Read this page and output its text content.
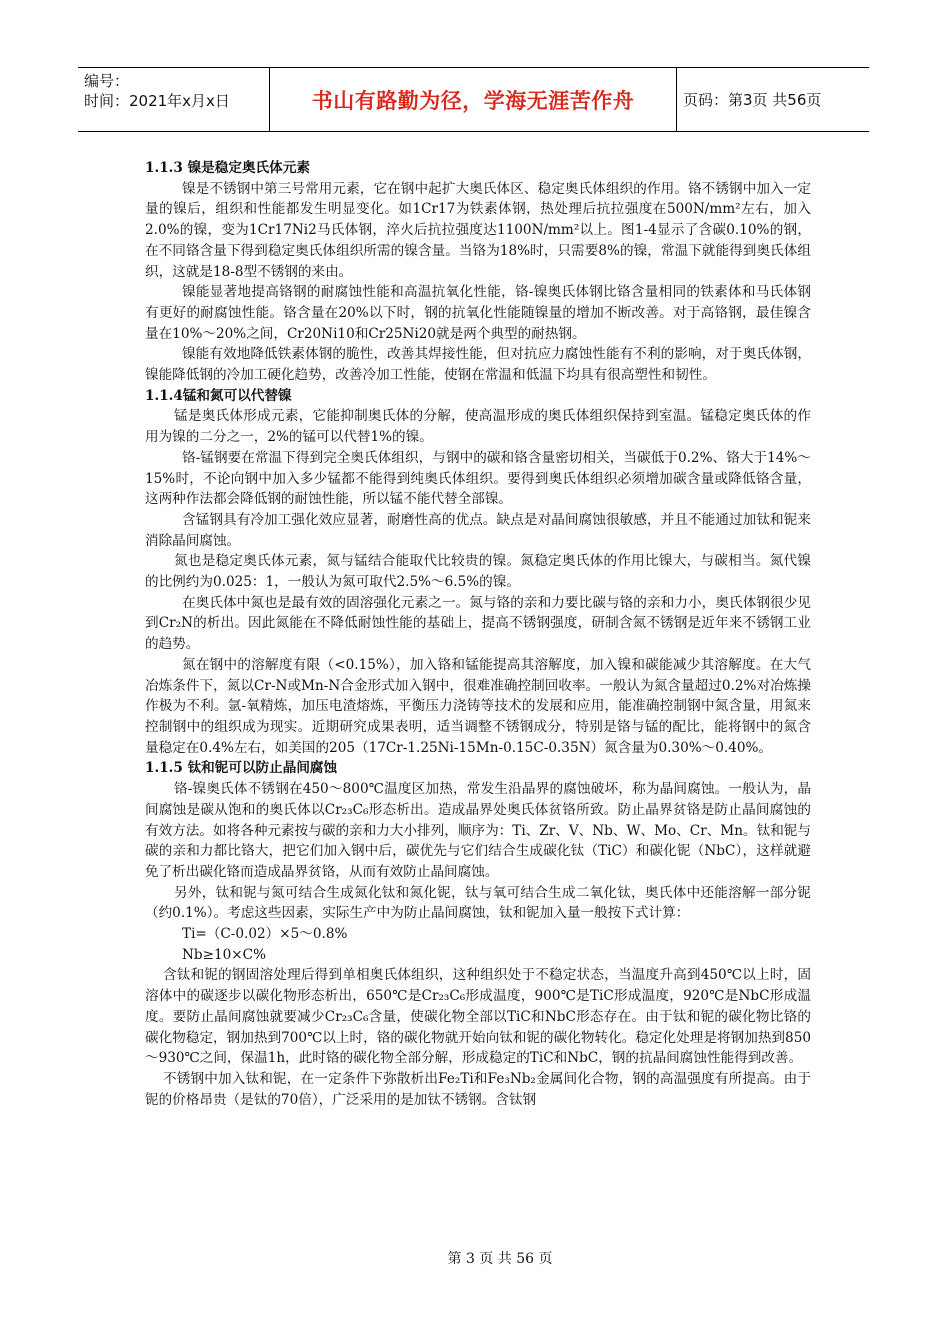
编号：
时间：2021年x月x日	书山有路勤为径，学海无涯苦作舟	页码：第3页 共56页

1.1.3 镍是稳定奥氏体元素

镍是不锈钢中第三号常用元素，它在钢中起扩大奥氏体区、稳定奥氏体组织的作用。铬不锈钢中加入一定量的镍后，组织和性能都发生明显变化。如1Cr17为铁素体钢，热处理后抗拉强度在500N/mm²左右，加入2.0%的镍，变为1Cr17Ni2马氏体钢，淬火后抗拉强度达1100N/mm²以上。图1-4显示了含碳0.10%的钢，在不同铬含量下得到稳定奥氏体组织所需的镍含量。当铬为18%时，只需要8%的镍，常温下就能得到奥氏体组织，这就是18-8型不锈钢的来由。

镍能显著地提高铬钢的耐腐蚀性能和高温抗氧化性能，铬-镍奥氏体钢比铬含量相同的铁素体和马氏体钢有更好的耐腐蚀性能。铬含量在20%以下时，钢的抗氧化性能随镍量的增加不断改善。对于高铬钢，最佳镍含量在10%～20%之间，Cr20Ni10和Cr25Ni20就是两个典型的耐热钢。

镍能有效地降低铁素体钢的脆性，改善其焊接性能，但对抗应力腐蚀性能有不利的影响，对于奥氏体钢，镍能降低钢的冷加工硬化趋势，改善冷加工性能，使钢在常温和低温下均具有很高塑性和韧性。

1.1.4锰和氮可以代替镍

锰是奥氏体形成元素，它能抑制奥氏体的分解，使高温形成的奥氏体组织保持到室温。锰稳定奥氏体的作用为镍的二分之一，2%的锰可以代替1%的镍。

铬-锰钢要在常温下得到完全奥氏体组织，与钢中的碳和铬含量密切相关，当碳低于0.2%、铬大于14%～15%时，不论向钢中加入多少锰都不能得到纯奥氏体组织。要得到奥氏体组织必须增加碳含量或降低铬含量，这两种作法都会降低钢的耐蚀性能，所以锰不能代替全部镍。

含锰钢具有冷加工强化效应显著，耐磨性高的优点。缺点是对晶间腐蚀很敏感，并且不能通过加钛和铌来消除晶间腐蚀。

氮也是稳定奥氏体元素，氮与锰结合能取代比较贵的镍。氮稳定奥氏体的作用比镍大，与碳相当。氮代镍的比例约为0.025：1，一般认为氮可取代2.5%～6.5%的镍。

在奥氏体中氮也是最有效的固溶强化元素之一。氮与铬的亲和力要比碳与铬的亲和力小，奥氏体钢很少见到Cr₂N的析出。因此氮能在不降低耐蚀性能的基础上，提高不锈钢强度，研制含氮不锈钢是近年来不锈钢工业的趋势。

氮在钢中的溶解度有限（<0.15%），加入铬和锰能提高其溶解度，加入镍和碳能减少其溶解度。在大气冶炼条件下，氮以Cr-N或Mn-N合金形式加入钢中，很难准确控制回收率。一般认为氮含量超过0.2%对冶炼操作极为不利。氩-氧精炼，加压电渣熔炼，平衡压力浇铸等技术的发展和应用，能准确控制钢中氮含量，用氮来控制钢中的组织成为现实。近期研究成果表明，适当调整不锈钢成分，特别是铬与锰的配比，能将钢中的氮含量稳定在0.4%左右，如美国的205（17Cr-1.25Ni-15Mn-0.15C-0.35N）氮含量为0.30%～0.40%。

1.1.5 钛和铌可以防止晶间腐蚀

铬-镍奥氏体不锈钢在450～800℃温度区加热，常发生沿晶界的腐蚀破坏，称为晶间腐蚀。一般认为，晶间腐蚀是碳从饱和的奥氏体以Cr₂₃C₆形态析出。造成晶界处奥氏体贫铬所致。防止晶界贫铬是防止晶间腐蚀的有效方法。如将各种元素按与碳的亲和力大小排列，顺序为：Ti、Zr、V、Nb、W、Mo、Cr、Mn。钛和铌与碳的亲和力都比铬大，把它们加入钢中后，碳优先与它们结合生成碳化钛（TiC）和碳化铌（NbC），这样就避免了析出碳化铬而造成晶界贫铬，从而有效防止晶间腐蚀。

另外，钛和铌与氮可结合生成氮化钛和氮化铌，钛与氧可结合生成二氧化钛，奥氏体中还能溶解一部分铌（约0.1%）。考虑这些因素，实际生产中为防止晶间腐蚀，钛和铌加入量一般按下式计算：

Ti=（C-0.02）×5～0.8%

Nb≥10×C%

含钛和铌的钢固溶处理后得到单相奥氏体组织，这种组织处于不稳定状态，当温度升高到450℃以上时，固溶体中的碳逐步以碳化物形态析出，650℃是Cr₂₃C₆形成温度，900℃是TiC形成温度，920℃是NbC形成温度。要防止晶间腐蚀就要减少Cr₂₃C₆含量，使碳化物全部以TiC和NbC形态存在。由于钛和铌的碳化物比铬的碳化物稳定，钢加热到700℃以上时，铬的碳化物就开始向钛和铌的碳化物转化。稳定化处理是将钢加热到850～930℃之间，保温1h，此时铬的碳化物全部分解，形成稳定的TiC和NbC，钢的抗晶间腐蚀性能得到改善。

不锈钢中加入钛和铌，在一定条件下弥散析出Fe₂Ti和Fe₃Nb₂金属间化合物，钢的高温强度有所提高。由于铌的价格昂贵（是钛的70倍），广泛采用的是加钛不锈钢。含钛钢

第 3 页 共 56 页
